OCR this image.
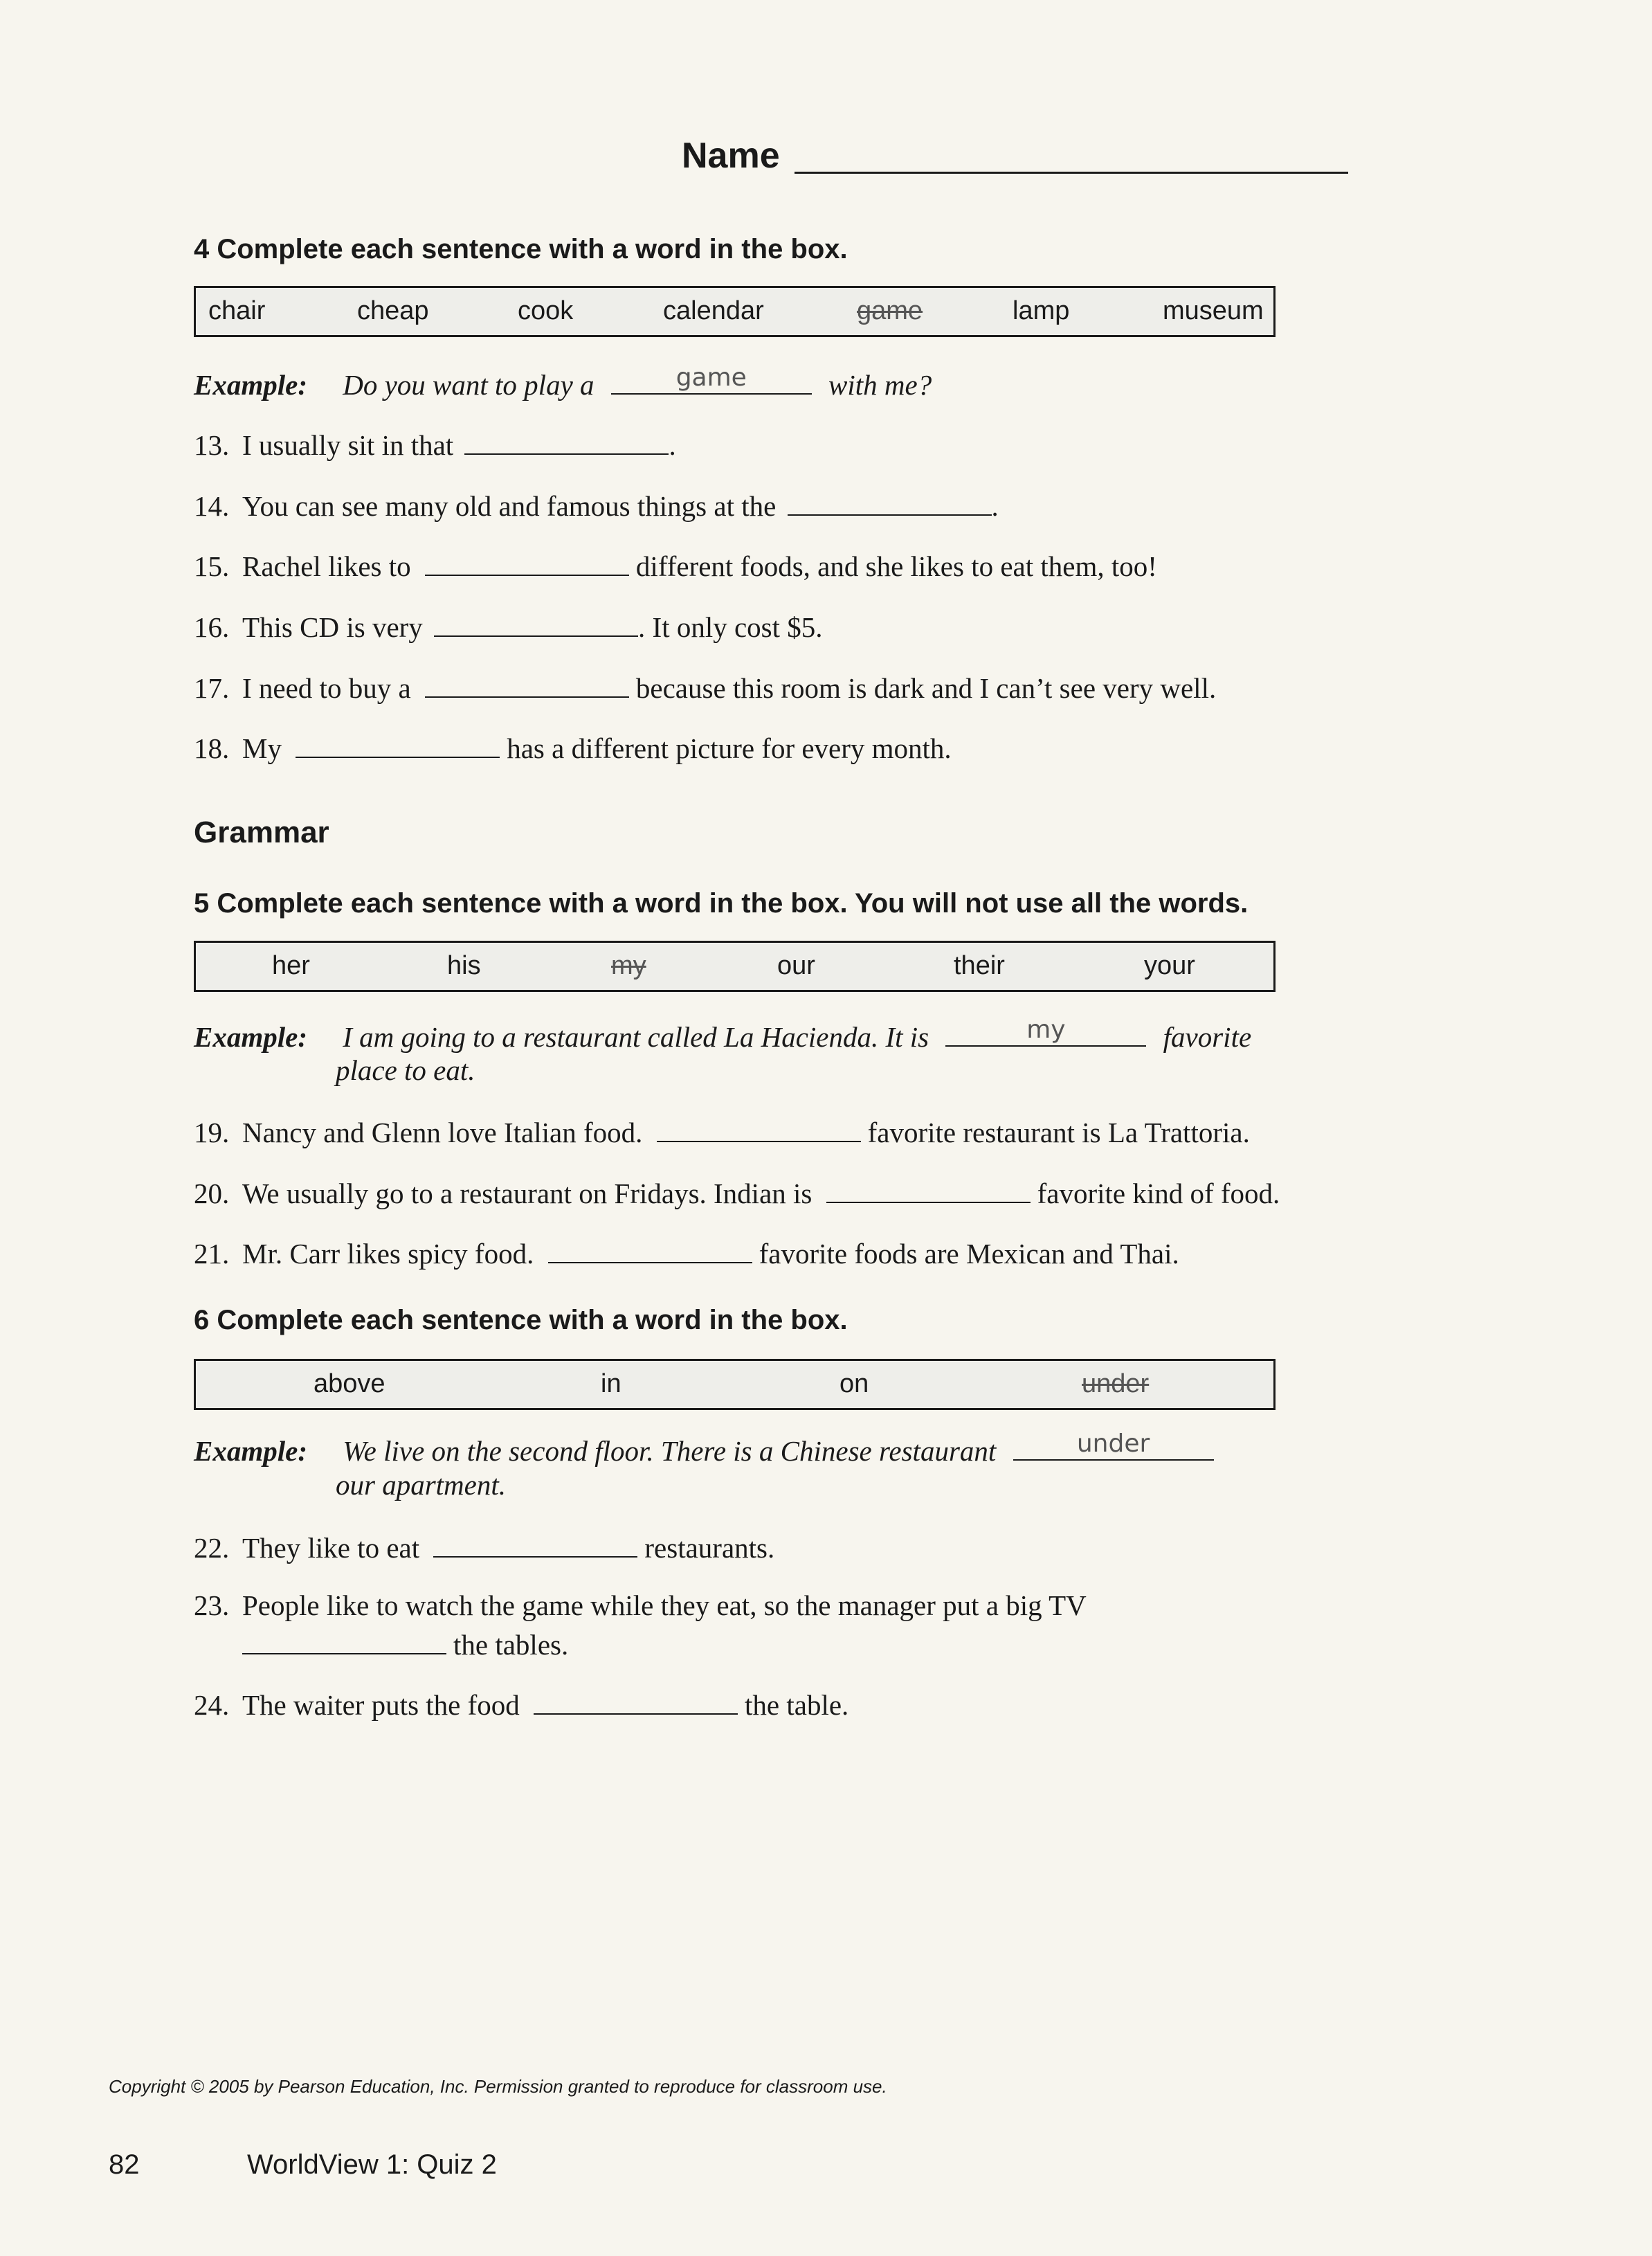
Name
4 Complete each sentence with a word in the box.
chair	cheap	cook	calendar	game	lamp	museum
Example: Do you want to play a	game	with me?
13. I usually sit in that	.
14. You can see many old and famous things at the	.
15. Rachel likes to	different foods, and she likes to eat them, too!
16. This CD is very	. It only cost $5.
17. I need to buy a	because this room is dark and I can’t see very well.
18. My	has a different picture for every month.
Grammar
5 Complete each sentence with a word in the box. You will not use all the words.
her	his	my	our	their	your
Example: I am going to a restaurant called La Hacienda. It is	my	favorite
place to eat.
19. Nancy and Glenn love Italian food.	favorite restaurant is La Trattoria.
20. We usually go to a restaurant on Fridays. Indian is	favorite kind of food.
21. Mr. Carr likes spicy food.	favorite foods are Mexican and Thai.
6 Complete each sentence with a word in the box.
above	in	on	under
Example: We live on the second floor. There is a Chinese restaurant	under
our apartment.
22. They like to eat	restaurants.
23. People like to watch the game while they eat, so the manager put a big TV
the tables.
24. The waiter puts the food	the table.
Copyright © 2005 by Pearson Education, Inc. Permission granted to reproduce for classroom use.
82	WorldView 1: Quiz 2
